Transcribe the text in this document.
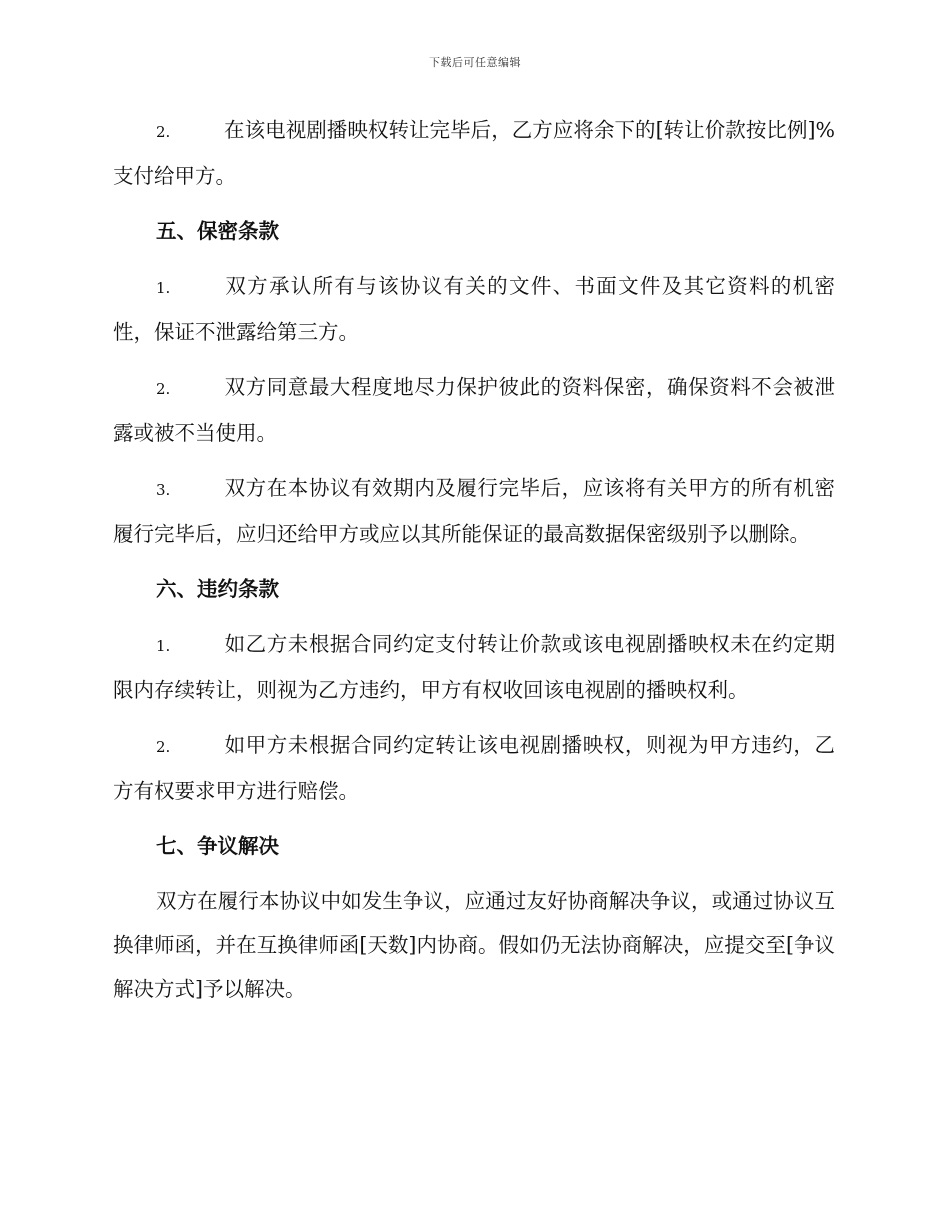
下载后可任意编辑

2.	在该电视剧播映权转让完毕后，乙方应将余下的[转让价款按比例]%支付给甲方。

五、保密条款

1.	双方承认所有与该协议有关的文件、书面文件及其它资料的机密性，保证不泄露给第三方。

2.	双方同意最大程度地尽力保护彼此的资料保密，确保资料不会被泄露或被不当使用。

3.	双方在本协议有效期内及履行完毕后，应该将有关甲方的所有机密履行完毕后，应归还给甲方或应以其所能保证的最高数据保密级别予以删除。

六、违约条款

1.	如乙方未根据合同约定支付转让价款或该电视剧播映权未在约定期限内存续转让，则视为乙方违约，甲方有权收回该电视剧的播映权利。

2.	如甲方未根据合同约定转让该电视剧播映权，则视为甲方违约，乙方有权要求甲方进行赔偿。

七、争议解决

双方在履行本协议中如发生争议，应通过友好协商解决争议，或通过协议互换律师函，并在互换律师函[天数]内协商。假如仍无法协商解决，应提交至[争议解决方式]予以解决。
